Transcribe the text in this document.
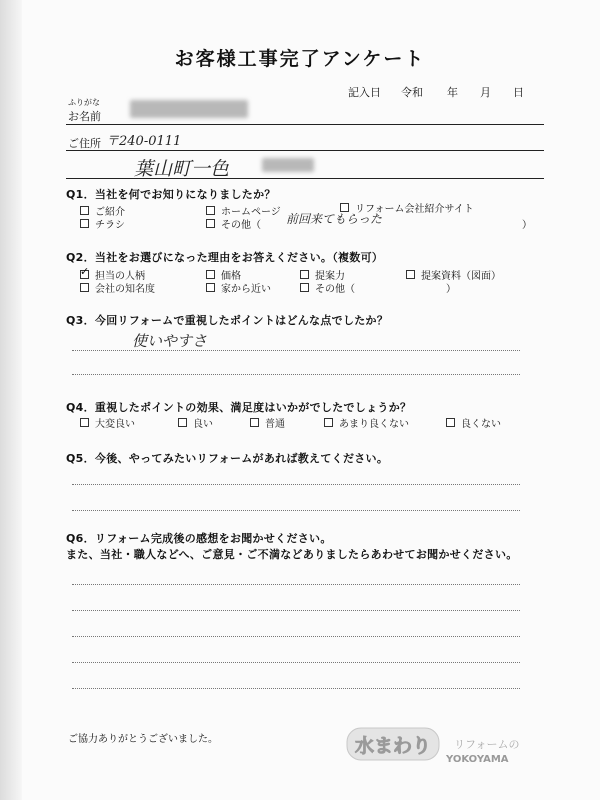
お客様工事完了アンケート
記入日 令和 年 月 日
ふりがな
お名前
ご住所 〒240-0111
葉山町一色
Q1．当社を何でお知りになりましたか？
ご紹介	ホームページ	リフォーム会社紹介サイト
チラシ	その他（ 前回来てもらった	）
Q2．当社をお選びになった理由をお答えください。（複数可）
✓
担当の人柄	価格	提案力	提案資料（図面）
会社の知名度	家から近い	その他（	）
Q3．今回リフォームで重視したポイントはどんな点でしたか？
使いやすさ
Q4．重視したポイントの効果、満足度はいかがでしたでしょうか？
大変良い	良い	普通	あまり良くない	良くない
Q5．今後、やってみたいリフォームがあれば教えてください。
Q6．リフォーム完成後の感想をお聞かせください。
また、当社・職人などへ、ご意見・ご不満などありましたらあわせてお聞かせください。
ご協力ありがとうございました。	水まわり リフォームの
YOKOYAMA
